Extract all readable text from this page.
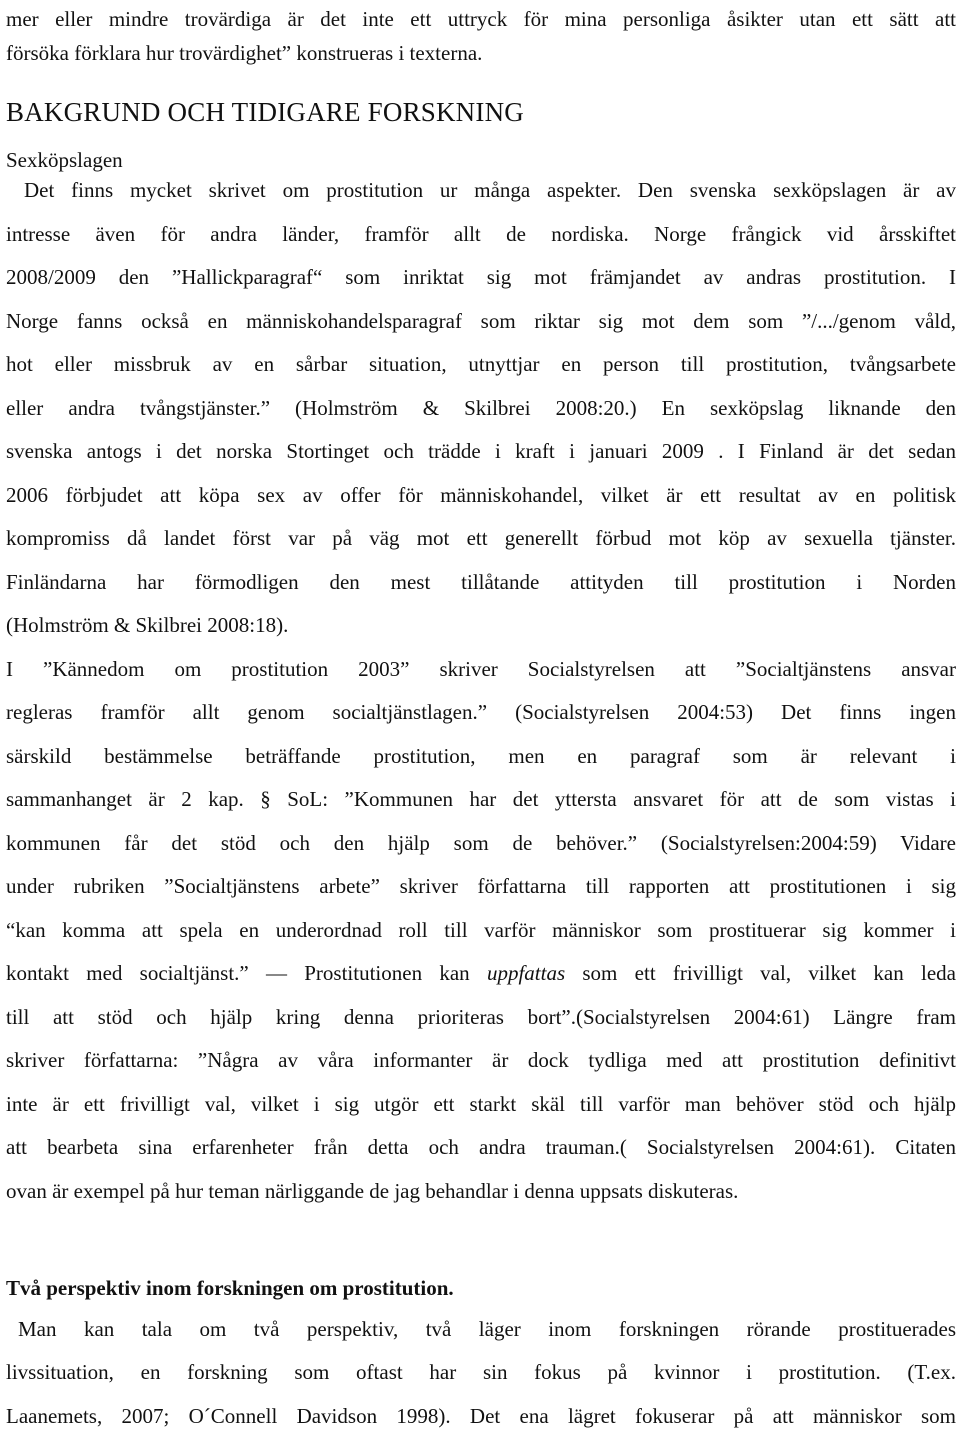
mer eller mindre trovärdiga är det inte ett uttryck för mina personliga åsikter utan ett sätt att
försöka förklara hur trovärdighet” konstrueras i texterna.
BAKGRUND OCH TIDIGARE FORSKNING
Sexköpslagen
Det finns mycket skrivet om prostitution ur många aspekter. Den svenska sexköpslagen är av
intresse även för andra länder, framför allt de nordiska. Norge frångick vid årsskiftet
2008/2009 den ”Hallickparagraf“ som inriktat sig mot främjandet av andras prostitution. I
Norge fanns också en människohandelsparagraf som riktar sig mot dem som ”/.../genom våld,
hot eller missbruk av en sårbar situation, utnyttjar en person till prostitution, tvångsarbete
eller andra tvångstjänster.” (Holmström & Skilbrei 2008:20.) En sexköpslag liknande den
svenska antogs i det norska Stortinget och trädde i kraft i januari 2009 . I Finland är det sedan
2006 förbjudet att köpa sex av offer för människohandel, vilket är ett resultat av en politisk
kompromiss då landet först var på väg mot ett generellt förbud mot köp av sexuella tjänster.
Finländarna har förmodligen den mest tillåtande attityden till prostitution i Norden
(Holmström & Skilbrei 2008:18).
I ”Kännedom om prostitution 2003” skriver Socialstyrelsen att ”Socialtjänstens ansvar
regleras framför allt genom socialtjänstlagen.” (Socialstyrelsen 2004:53) Det finns ingen
särskild bestämmelse beträffande prostitution, men en paragraf som är relevant i
sammanhanget är 2 kap. § SoL: ”Kommunen har det yttersta ansvaret för att de som vistas i
kommunen får det stöd och den hjälp som de behöver.” (Socialstyrelsen:2004:59) Vidare
under rubriken ”Socialtjänstens arbete” skriver författarna till rapporten att prostitutionen i sig
“kan komma att spela en underordnad roll till varför människor som prostituerar sig kommer i
kontakt med socialtjänst.” — Prostitutionen kan uppfattas som ett frivilligt val, vilket kan leda
till att stöd och hjälp kring denna prioriteras bort”.(Socialstyrelsen 2004:61) Längre fram
skriver författarna: ”Några av våra informanter är dock tydliga med att prostitution definitivt
inte är ett frivilligt val, vilket i sig utgör ett starkt skäl till varför man behöver stöd och hjälp
att bearbeta sina erfarenheter från detta och andra trauman.( Socialstyrelsen 2004:61). Citaten
ovan är exempel på hur teman närliggande de jag behandlar i denna uppsats diskuteras.
Två perspektiv inom forskningen om prostitution.
Man kan tala om två perspektiv, två läger inom forskningen rörande prostituerades
livssituation, en forskning som oftast har sin fokus på kvinnor i prostitution. (T.ex.
Laanemets, 2007; O´Connell Davidson 1998). Det ena lägret fokuserar på att människor som
